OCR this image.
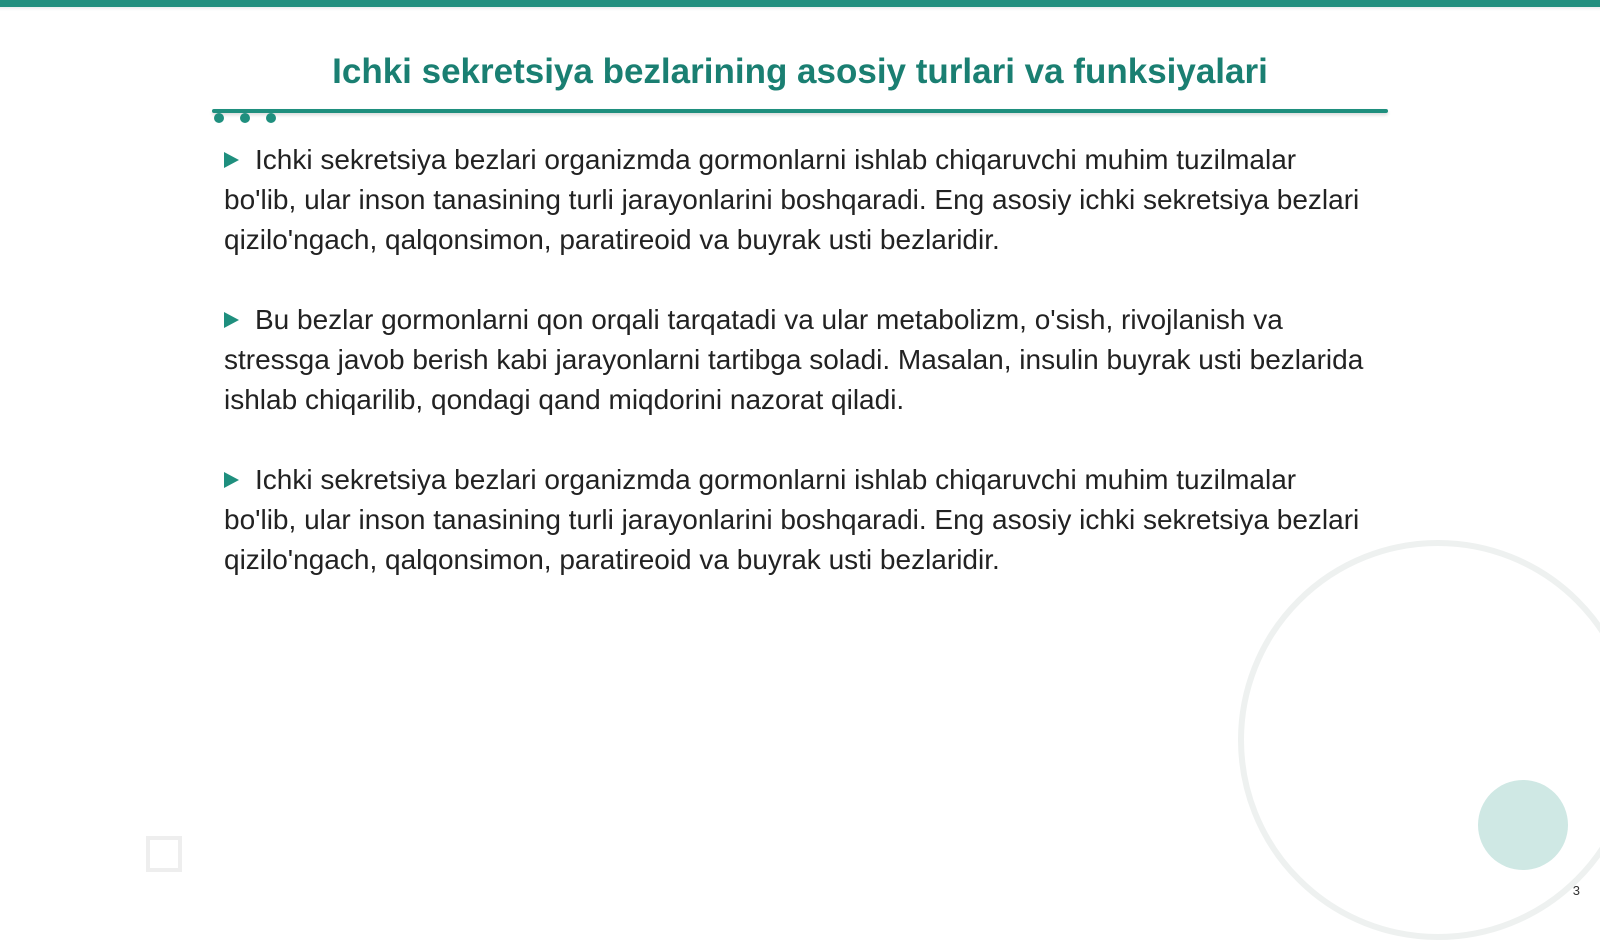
Ichki sekretsiya bezlarining asosiy turlari va funksiyalari

Ichki sekretsiya bezlari organizmda gormonlarni ishlab chiqaruvchi muhim tuzilmalar bo'lib, ular inson tanasining turli jarayonlarini boshqaradi. Eng asosiy ichki sekretsiya bezlari qizilo'ngach, qalqonsimon, paratireoid va buyrak usti bezlaridir.

Bu bezlar gormonlarni qon orqali tarqatadi va ular metabolizm, o'sish, rivojlanish va stressga javob berish kabi jarayonlarni tartibga soladi. Masalan, insulin buyrak usti bezlarida ishlab chiqarilib, qondagi qand miqdorini nazorat qiladi.

Ichki sekretsiya bezlari organizmda gormonlarni ishlab chiqaruvchi muhim tuzilmalar bo'lib, ular inson tanasining turli jarayonlarini boshqaradi. Eng asosiy ichki sekretsiya bezlari qizilo'ngach, qalqonsimon, paratireoid va buyrak usti bezlaridir.

3
